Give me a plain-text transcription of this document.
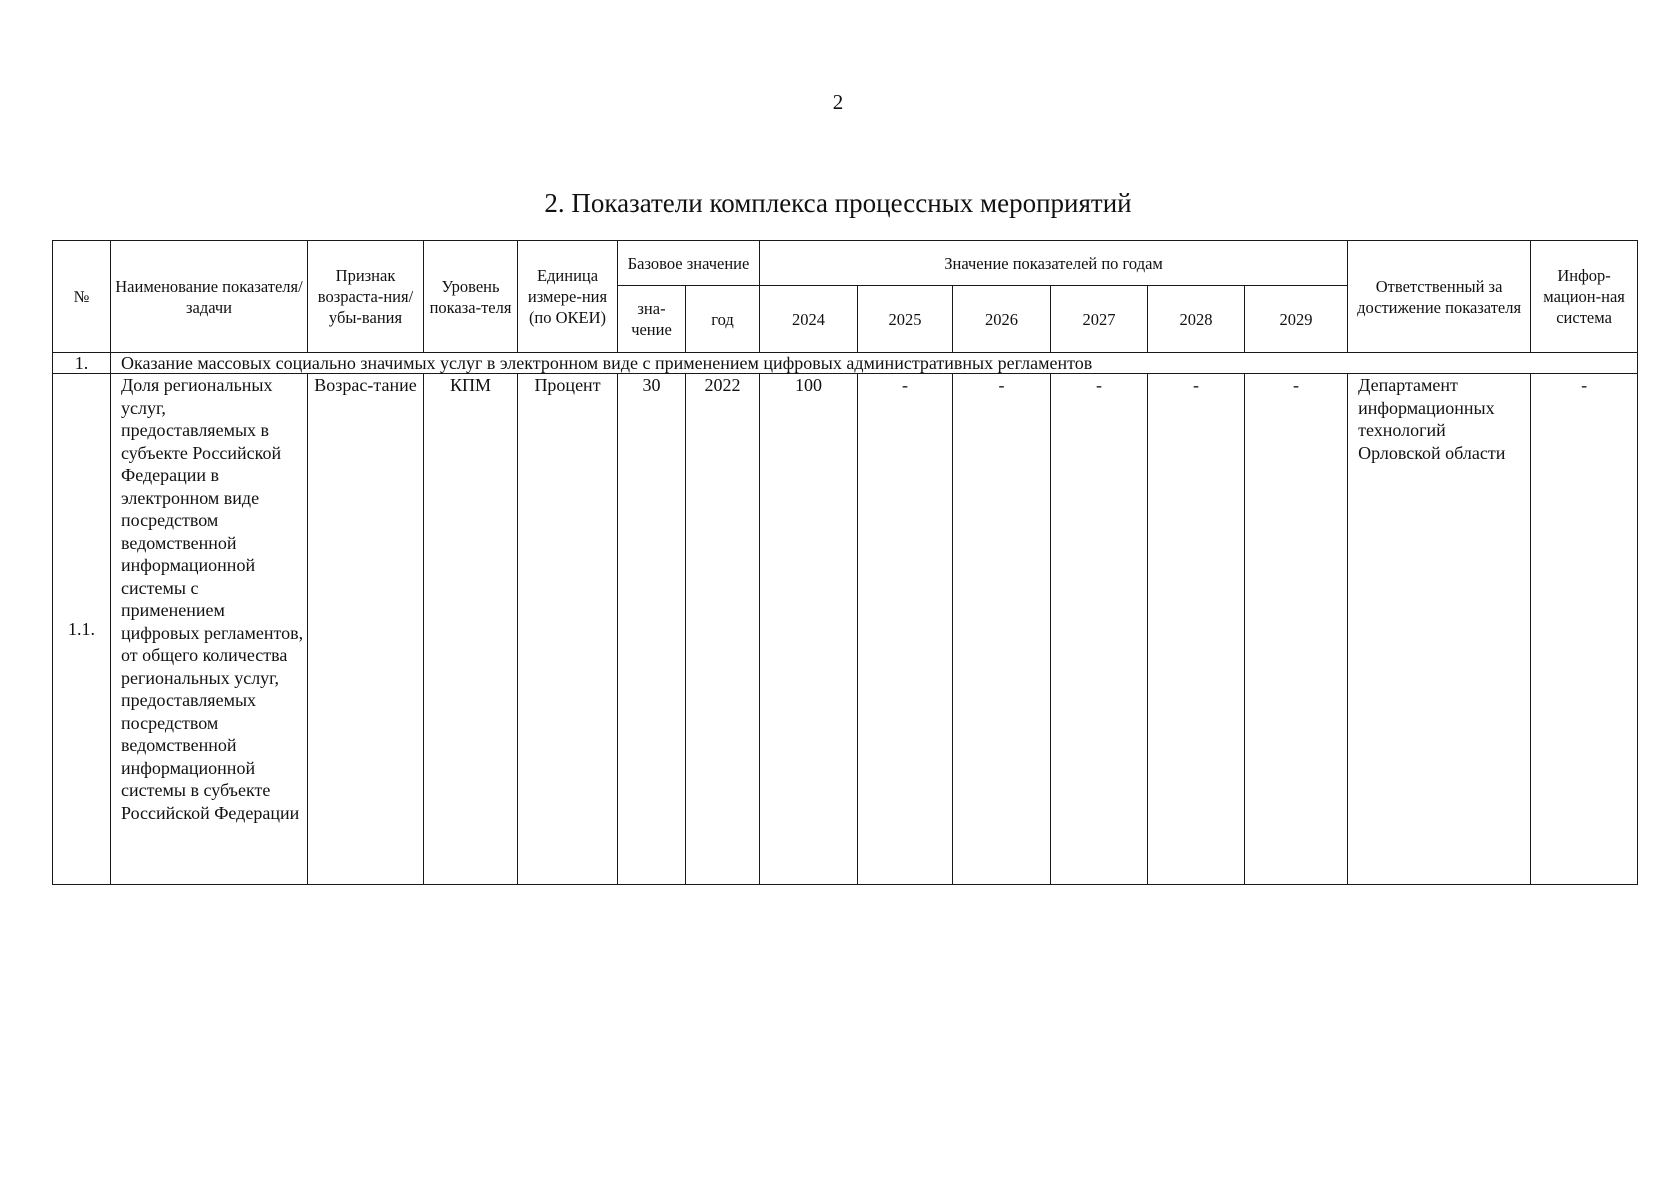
2
2. Показатели комплекса процессных мероприятий
№	Наименование показателя/задачи	Признак возраста-ния/убы-вания	Уровень показа-теля	Единица измере-ния (по ОКЕИ)	Базовое значение		Значение показателей по годам						Ответственный за достижение показателя	Инфор-мацион-ная система
					зна-чение	год	2024	2025	2026	2027	2028	2029		
1.	Оказание массовых социально значимых услуг в электронном виде с применением цифровых административных регламентов													
1.1.	Доля региональных услуг, предоставляемых в субъекте Российской Федерации в электронном виде посредством ведомственной информационной системы с применением цифровых регламентов, от общего количества региональных услуг, предоставляемых посредством ведомственной информационной системы в субъекте Российской Федерации	Возрас-тание	КПМ	Процент	30	2022	100	-	-	-	-	-	Департамент информационных технологий Орловской области	-
